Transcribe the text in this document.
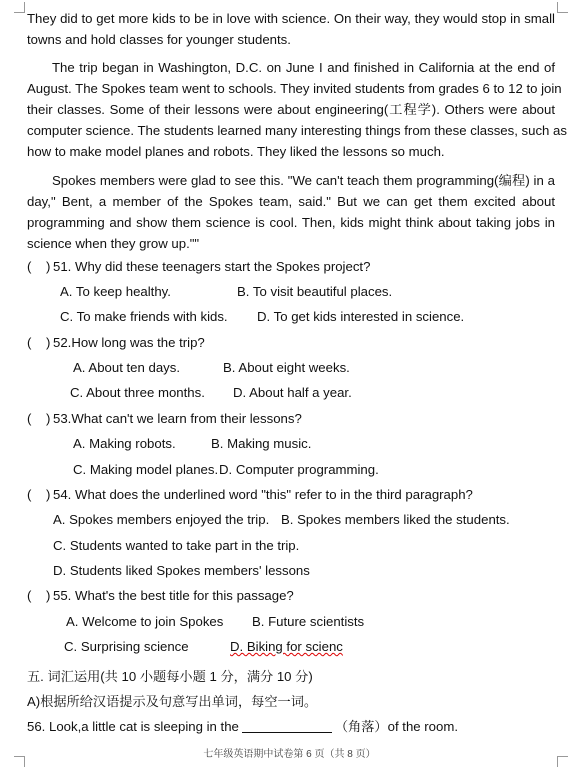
They did to get more kids to be in love with science. On their way, they would stop in small
towns and hold classes for younger students.
The trip began in Washington, D.C. on June I and finished in California at the end of
August. The Spokes team went to schools. They invited students from grades 6 to 12 to join
their classes. Some of their lessons were about engineering(工程学). Others were about
computer science. The students learned many interesting things from these classes, such as
how to make model planes and robots. They liked the lessons so much.
Spokes members were glad to see this. "We can't teach them programming(编程) in a
day," Bent, a member of the Spokes team, said." But we can get them excited about
programming and show them science is cool. Then, kids might think about taking jobs in
science when they grow up.""
( ) 51. Why did these teenagers start the Spokes project?
A. To keep healthy.	B. To visit beautiful places.
C. To make friends with kids. D. To get kids interested in science.
( ) 52.How long was the trip?
A. About ten days.	B. About eight weeks.
C. About three months. D. About half a year.
( ) 53.What can't we learn from their lessons?
A. Making robots.	B. Making music.
C. Making model planes. D. Computer programming.
( ) 54. What does the underlined word "this" refer to in the third paragraph?
A. Spokes members enjoyed the trip. B. Spokes members liked the students.
C. Students wanted to take part in the trip.
D. Students liked Spokes members' lessons
( ) 55. What's the best title for this passage?
A. Welcome to join Spokes B. Future scientists
C. Surprising science	D. Biking for scienc
五. 词汇运用(共 10 小题每小题 1 分，满分 10 分)
A)根据所给汉语提示及句意写出单词，每空一词。
56. Look,a little cat is sleeping in the	（角落）of the room.
七年级英语期中试卷第 6 页（共 8 页）
